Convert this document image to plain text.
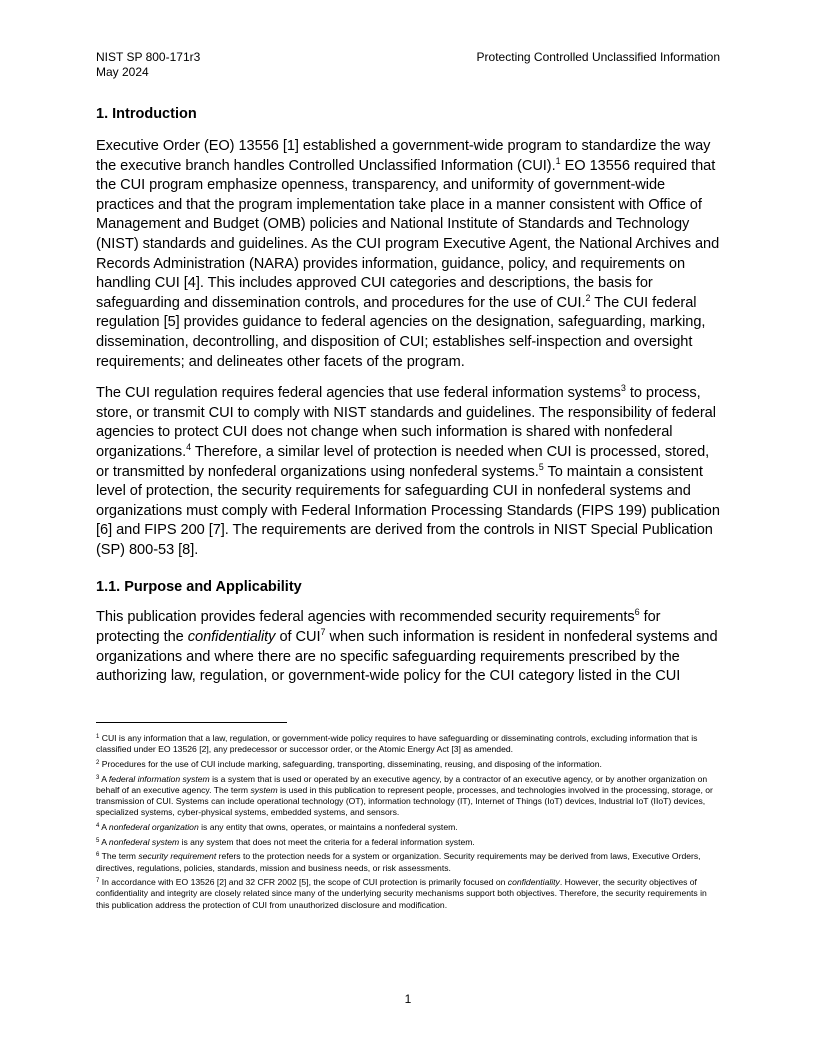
NIST SP 800-171r3
May 2024
Protecting Controlled Unclassified Information
1. Introduction

Executive Order (EO) 13556 [1] established a government-wide program to standardize the way the executive branch handles Controlled Unclassified Information (CUI).$^1$ EO 13556 required that the CUI program emphasize openness, transparency, and uniformity of government-wide practices and that the program implementation take place in a manner consistent with Office of Management and Budget (OMB) policies and National Institute of Standards and Technology (NIST) standards and guidelines. As the CUI program Executive Agent, the National Archives and Records Administration (NARA) provides information, guidance, policy, and requirements on handling CUI [4]. This includes approved CUI categories and descriptions, the basis for safeguarding and dissemination controls, and procedures for the use of CUI.$^2$ The CUI federal regulation [5] provides guidance to federal agencies on the designation, safeguarding, marking, dissemination, decontrolling, and disposition of CUI; establishes self-inspection and oversight requirements; and delineates other facets of the program.

The CUI regulation requires federal agencies that use federal information systems$^3$ to process, store, or transmit CUI to comply with NIST standards and guidelines. The responsibility of federal agencies to protect CUI does not change when such information is shared with nonfederal organizations.$^4$ Therefore, a similar level of protection is needed when CUI is processed, stored, or transmitted by nonfederal organizations using nonfederal systems.$^5$ To maintain a consistent level of protection, the security requirements for safeguarding CUI in nonfederal systems and organizations must comply with Federal Information Processing Standards (FIPS 199) publication [6] and FIPS 200 [7]. The requirements are derived from the controls in NIST Special Publication (SP) 800-53 [8].

1.1. Purpose and Applicability

This publication provides federal agencies with recommended security requirements$^6$ for protecting the confidentiality of CUI$^7$ when such information is resident in nonfederal systems and organizations and where there are no specific safeguarding requirements prescribed by the authorizing law, regulation, or government-wide policy for the CUI category listed in the CUI

$^1$ CUI is any information that a law, regulation, or government-wide policy requires to have safeguarding or disseminating controls, excluding information that is classified under EO 13526 [2], any predecessor or successor order, or the Atomic Energy Act [3] as amended.
$^2$ Procedures for the use of CUI include marking, safeguarding, transporting, disseminating, reusing, and disposing of the information.
$^3$ A federal information system is a system that is used or operated by an executive agency, by a contractor of an executive agency, or by another organization on behalf of an executive agency. The term system is used in this publication to represent people, processes, and technologies involved in the processing, storage, or transmission of CUI. Systems can include operational technology (OT), information technology (IT), Internet of Things (IoT) devices, Industrial IoT (IIoT) devices, specialized systems, cyber-physical systems, embedded systems, and sensors.
$^4$ A nonfederal organization is any entity that owns, operates, or maintains a nonfederal system.
$^5$ A nonfederal system is any system that does not meet the criteria for a federal information system.
$^6$ The term security requirement refers to the protection needs for a system or organization. Security requirements may be derived from laws, Executive Orders, directives, regulations, policies, standards, mission and business needs, or risk assessments.
$^7$ In accordance with EO 13526 [2] and 32 CFR 2002 [5], the scope of CUI protection is primarily focused on confidentiality. However, the security objectives of confidentiality and integrity are closely related since many of the underlying security mechanisms support both objectives. Therefore, the security requirements in this publication address the protection of CUI from unauthorized disclosure and modification.
1
